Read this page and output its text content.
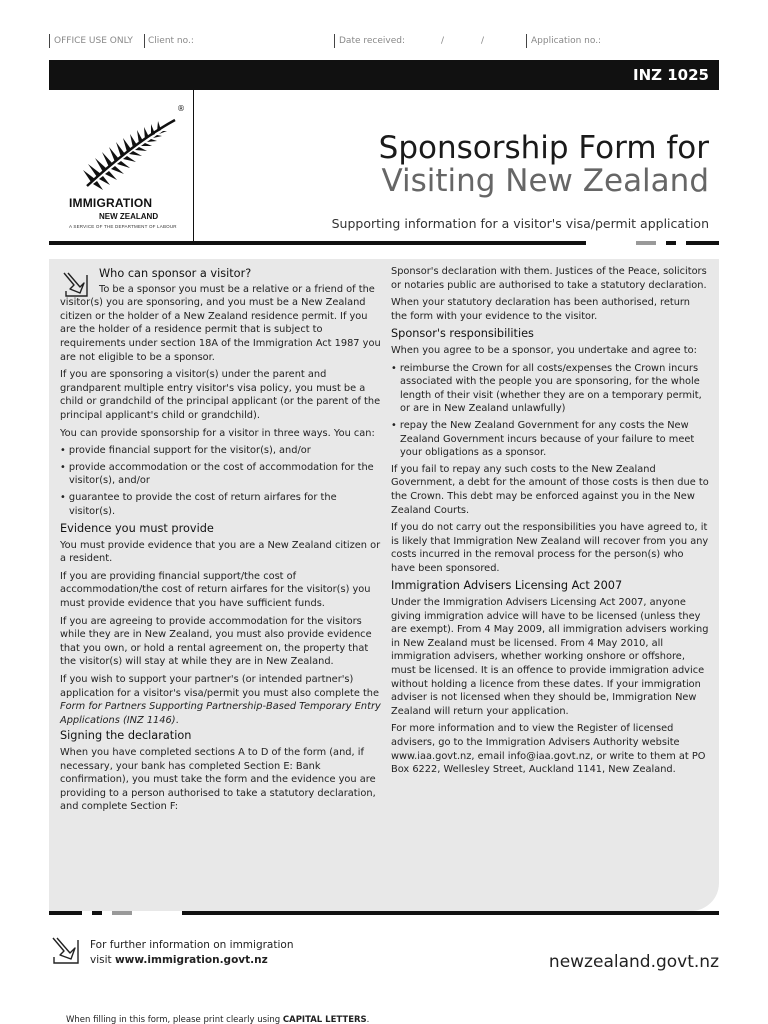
OFFICE USE ONLY Client no.:	Date received:	/	/	Application no.:
INZ 1025
®
IMMIGRATION
NEW ZEALAND
A SERVICE OF THE DEPARTMENT OF LABOUR
Sponsorship Form for
Visiting New Zealand
Supporting information for a visitor's visa/permit application
Who can sponsor a visitor?

To be a sponsor you must be a relative or a friend of the visitor(s) you are sponsoring, and you must be a New Zealand citizen or the holder of a New Zealand residence permit. If you are the holder of a residence permit that is subject to requirements under section 18A of the Immigration Act 1987 you are not eligible to be a sponsor.

If you are sponsoring a visitor(s) under the parent and grandparent multiple entry visitor's visa policy, you must be a child or grandchild of the principal applicant (or the parent of the principal applicant's child or grandchild).

You can provide sponsorship for a visitor in three ways. You can:

• provide financial support for the visitor(s), and/or
• provide accommodation or the cost of accommodation for the visitor(s), and/or
• guarantee to provide the cost of return airfares for the visitor(s).
Evidence you must provide

You must provide evidence that you are a New Zealand citizen or a resident.

If you are providing financial support/the cost of accommodation/the cost of return airfares for the visitor(s) you must provide evidence that you have sufficient funds.

If you are agreeing to provide accommodation for the visitors while they are in New Zealand, you must also provide evidence that you own, or hold a rental agreement on, the property that the visitor(s) will stay at while they are in New Zealand.

If you wish to support your partner's (or intended partner's) application for a visitor's visa/permit you must also complete the Form for Partners Supporting Partnership-Based Temporary Entry Applications (INZ 1146).

Signing the declaration

When you have completed sections A to D of the form (and, if necessary, your bank has completed Section E: Bank confirmation), you must take the form and the evidence you are providing to a person authorised to take a statutory declaration, and complete Section F:

Sponsor's declaration with them. Justices of the Peace, solicitors or notaries public are authorised to take a statutory declaration.

When your statutory declaration has been authorised, return the form with your evidence to the visitor.

Sponsor's responsibilities

When you agree to be a sponsor, you undertake and agree to:

• reimburse the Crown for all costs/expenses the Crown incurs associated with the people you are sponsoring, for the whole length of their visit (whether they are on a temporary permit, or are in New Zealand unlawfully)
• repay the New Zealand Government for any costs the New Zealand Government incurs because of your failure to meet your obligations as a sponsor.

If you fail to repay any such costs to the New Zealand Government, a debt for the amount of those costs is then due to the Crown. This debt may be enforced against you in the New Zealand Courts.

If you do not carry out the responsibilities you have agreed to, it is likely that Immigration New Zealand will recover from you any costs incurred in the removal process for the person(s) who have been sponsored.

Immigration Advisers Licensing Act 2007

Under the Immigration Advisers Licensing Act 2007, anyone giving immigration advice will have to be licensed (unless they are exempt). From 4 May 2009, all immigration advisers working in New Zealand must be licensed. From 4 May 2010, all immigration advisers, whether working onshore or offshore, must be licensed. It is an offence to provide immigration advice without holding a licence from these dates. If your immigration adviser is not licensed when they should be, Immigration New Zealand will return your application.

For more information and to view the Register of licensed advisers, go to the Immigration Advisers Authority website www.iaa.govt.nz, email info@iaa.govt.nz, or write to them at PO Box 6222, Wellesley Street, Auckland 1141, New Zealand.

For further information on immigration
visit www.immigration.govt.nz	newzealand.govt.nz
When filling in this form, please print clearly using CAPITAL LETTERS.
